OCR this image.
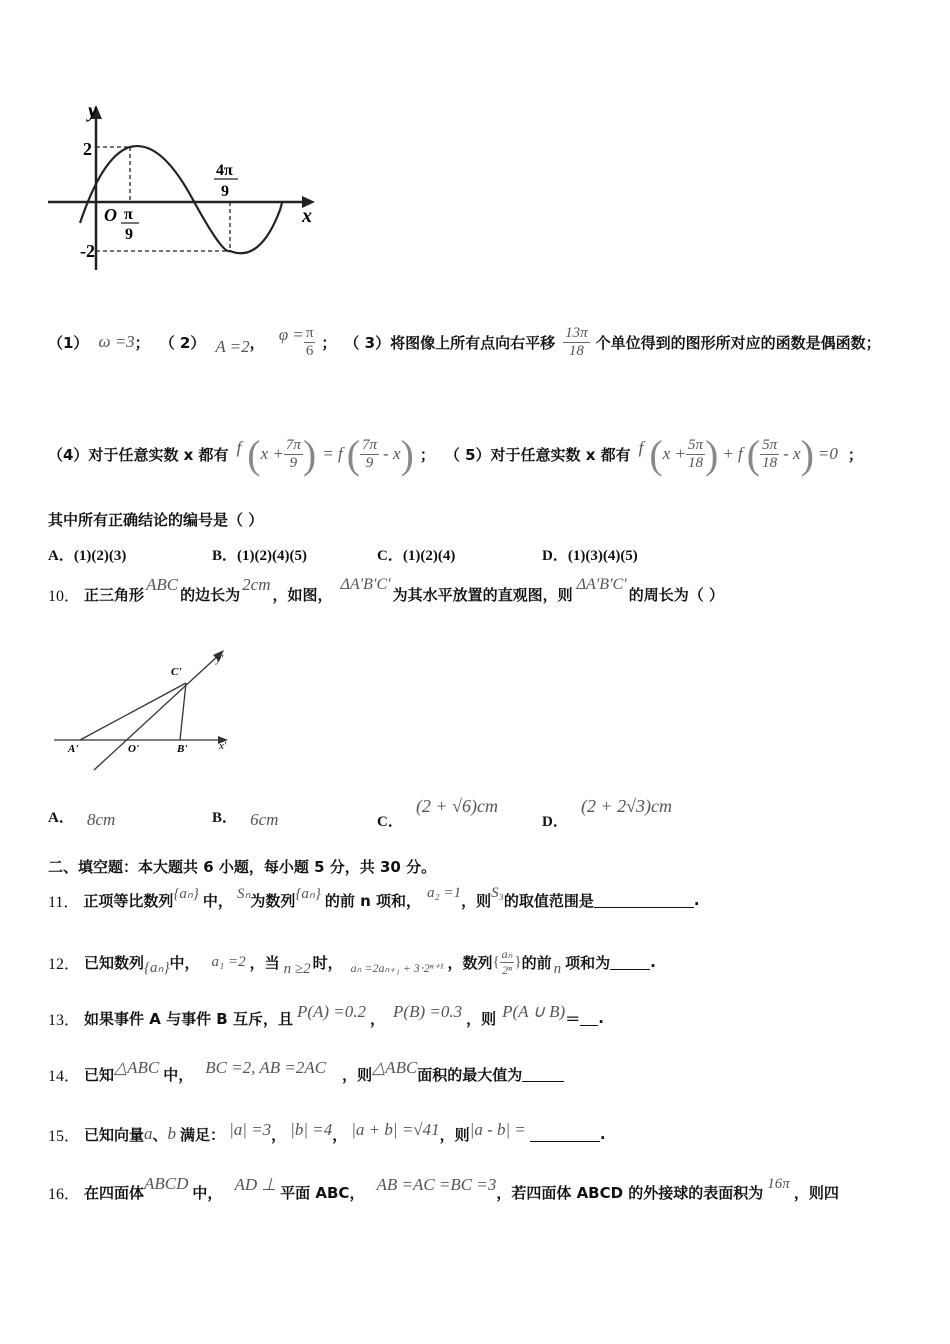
y
x
O
2
-2
π
9
4π
9
（1） ω =3 ； （ 2） A =2 ， $\varphi = \frac{\pi}{6}$ ； （ 3）将图像上所有点向右平移 $\frac{13\pi}{18}$ 个单位得到的图形所对应的函数是偶函数；
（4）对于任意实数 x 都有 f ( $x + \frac{7\pi}{9}$ ) = f ( $\frac{7\pi}{9}$ - x ) ； （ 5）对于任意实数 x 都有 f ( $x + \frac{5\pi}{18}$ ) + f ( $\frac{5\pi}{18}$ - x ) =0 ；
其中所有正确结论的编号是（ ）
A．(1)(2)(3)	B．(1)(2)(4)(5)	C．(1)(2)(4)	D．(1)(3)(4)(5)
10． 正三角形
ABC
的边长为
2cm
，如图，
ΔA′B′C′
为其水平放置的直观图，则
ΔA′B′C′
的周长为（ ）
C'
y'
A'	O'	B'	x'
A． 8cm	B． 6cm	C． (2 + √6)cm
D． (2 + 2√3)cm
二、填空题：本大题共 6 小题，每小题 5 分，共 30 分。
11． 正项等比数列 {aₙ} 中， Sₙ 为数列 {aₙ} 的前 n 项和， a₂ =1 ，则 S₃ 的取值范围是	.
12． 已知数列 {aₙ} 中， a₁ =2 ，当 n ≥2 时， aₙ =2aₙ₊₁ + 3⋅2ⁿ⁺¹ ，数列 { $\frac{\text{aₙ}}{\text{2ⁿ}}$ } 的前 n 项和为	.
13． 如果事件 A 与事件 B 互斥，且 P(A) =0.2 ， P(B) =0.3 ，则 P(A ∪ B) ＝ .
14． 已知 △ABC 中， BC =2, AB =2AC ，则 △ABC 面积的最大值为
15． 已知向量 a 、 b 满足： |a| =3 ， |b| =4 ， |a + b| =√41 ，则 |a - b| =	.
16． 在四面体 ABCD 中， AD ⊥ 平面 ABC， AB =AC =BC =3 ，若四面体 ABCD 的外接球的表面积为 16π ，则四
